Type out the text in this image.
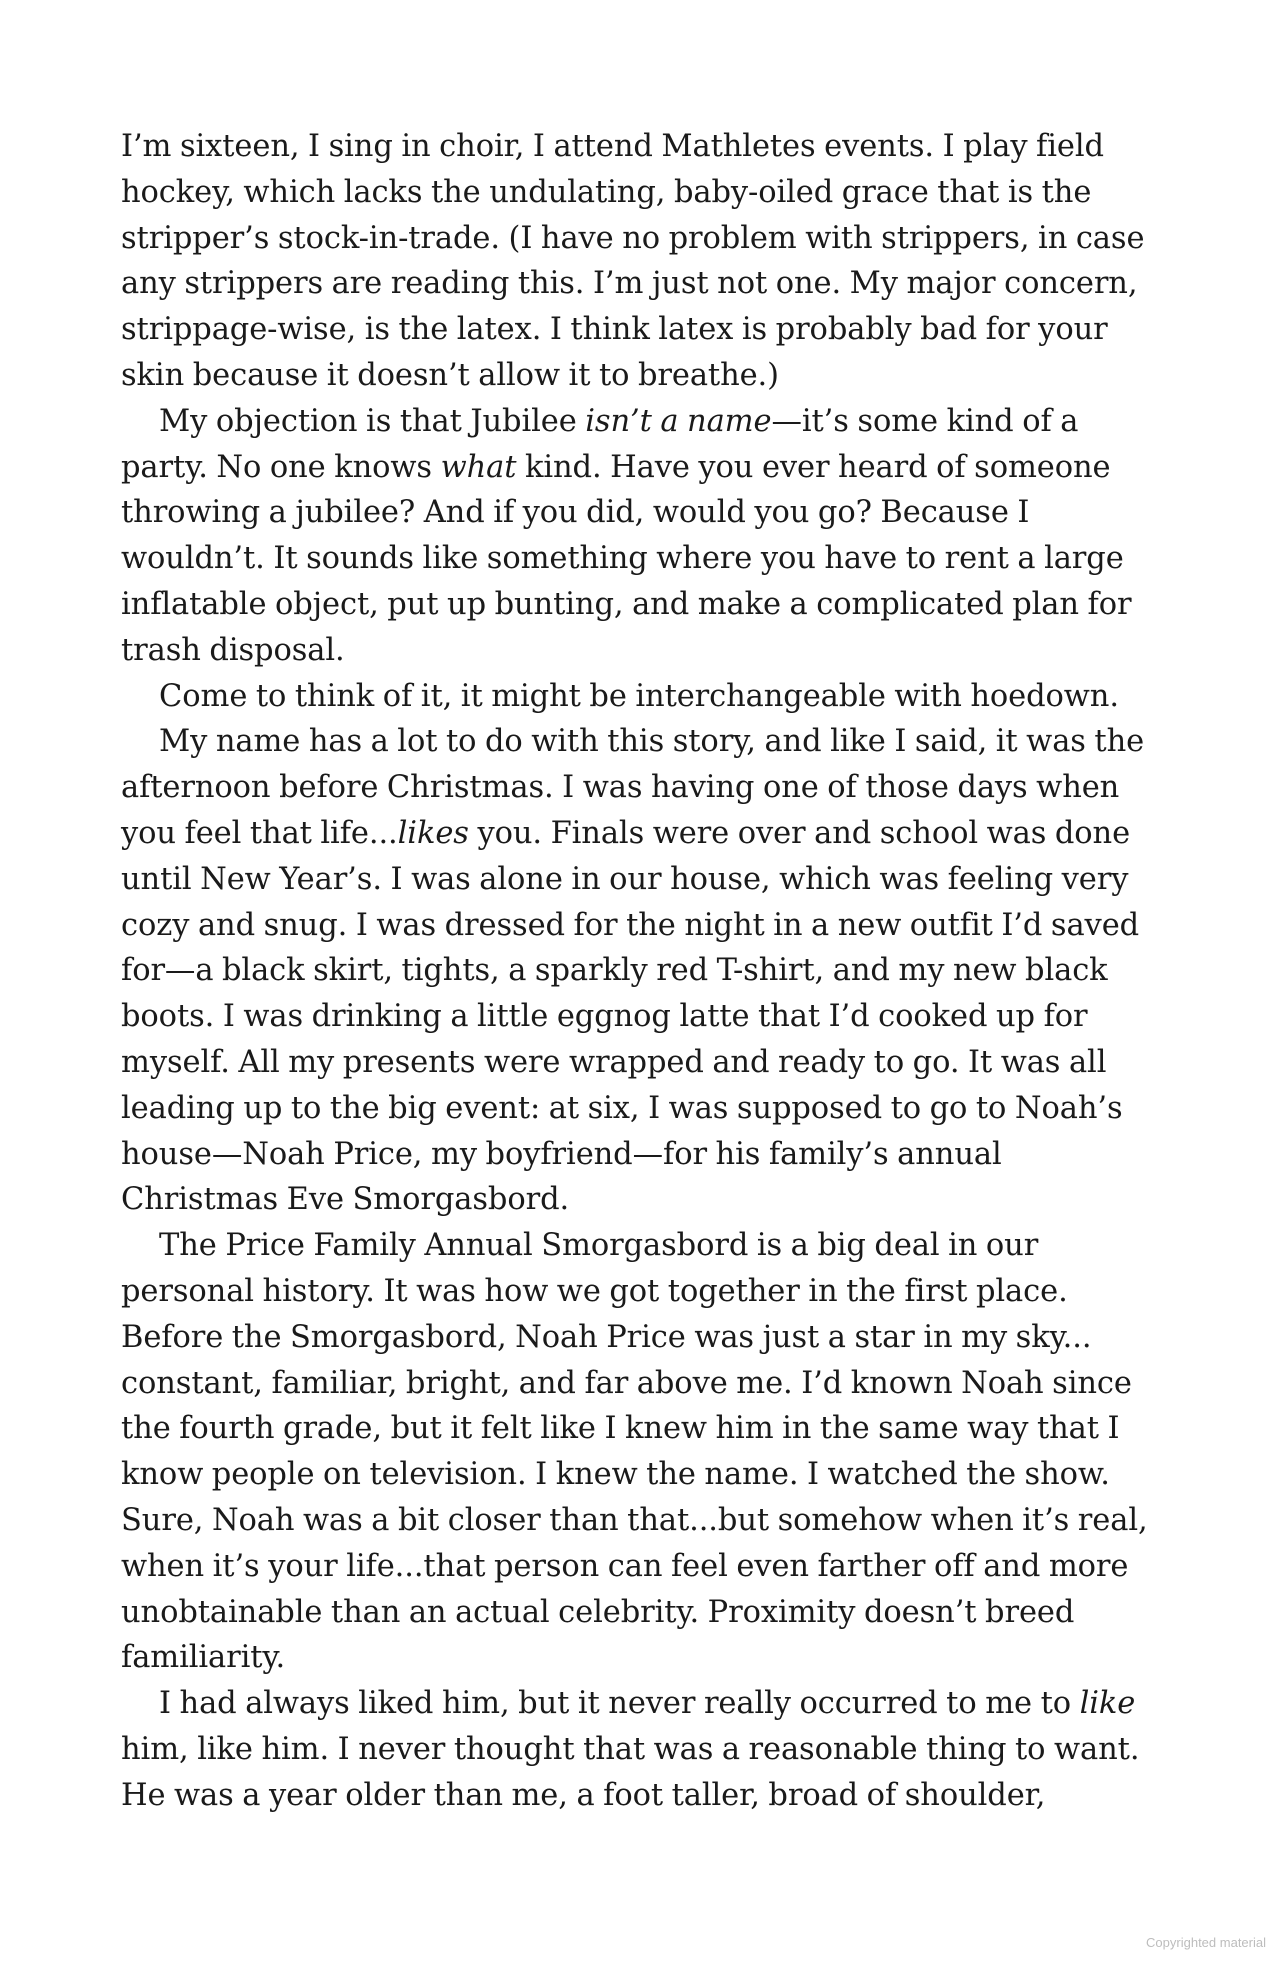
I’m sixteen, I sing in choir, I attend Mathletes events. I play field
hockey, which lacks the undulating, baby-oiled grace that is the
stripper’s stock-in-trade. (I have no problem with strippers, in case
any strippers are reading this. I’m just not one. My major concern,
strippage-wise, is the latex. I think latex is probably bad for your
skin because it doesn’t allow it to breathe.)

My objection is that Jubilee isn’t a name—it’s some kind of a
party. No one knows what kind. Have you ever heard of someone
throwing a jubilee? And if you did, would you go? Because I
wouldn’t. It sounds like something where you have to rent a large
inflatable object, put up bunting, and make a complicated plan for
trash disposal.

Come to think of it, it might be interchangeable with hoedown.

My name has a lot to do with this story, and like I said, it was the
afternoon before Christmas. I was having one of those days when
you feel that life...likes you. Finals were over and school was done
until New Year’s. I was alone in our house, which was feeling very
cozy and snug. I was dressed for the night in a new outfit I’d saved
for—a black skirt, tights, a sparkly red T-shirt, and my new black
boots. I was drinking a little eggnog latte that I’d cooked up for
myself. All my presents were wrapped and ready to go. It was all
leading up to the big event: at six, I was supposed to go to Noah’s
house—Noah Price, my boyfriend—for his family’s annual
Christmas Eve Smorgasbord.

The Price Family Annual Smorgasbord is a big deal in our
personal history. It was how we got together in the first place.
Before the Smorgasbord, Noah Price was just a star in my sky...
constant, familiar, bright, and far above me. I’d known Noah since
the fourth grade, but it felt like I knew him in the same way that I
know people on television. I knew the name. I watched the show.
Sure, Noah was a bit closer than that...but somehow when it’s real,
when it’s your life...that person can feel even farther off and more
unobtainable than an actual celebrity. Proximity doesn’t breed
familiarity.

I had always liked him, but it never really occurred to me to like
him, like him. I never thought that was a reasonable thing to want.
He was a year older than me, a foot taller, broad of shoulder,

Copyrighted material
